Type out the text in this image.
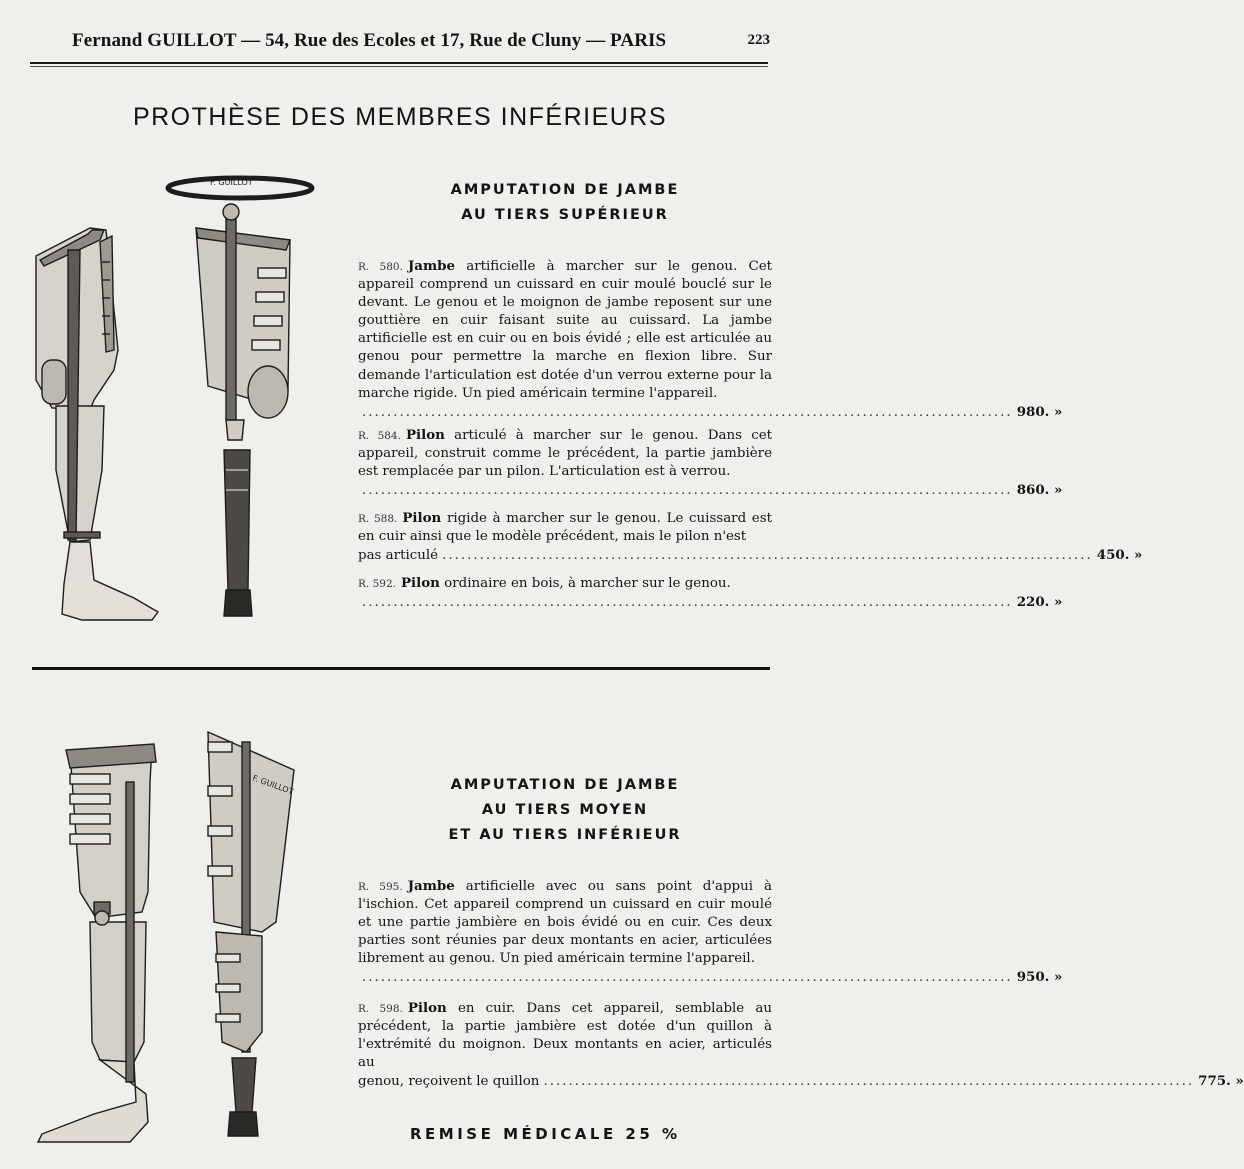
Fernand GUILLOT — 54, Rue des Ecoles et 17, Rue de Cluny — PARIS	223
PROTHÈSE DES MEMBRES INFÉRIEURS
F. GUILLOT	AMPUTATION DE JAMBE
AU TIERS SUPÉRIEUR
R. 580. Jambe artificielle à marcher sur le genou. Cet appareil comprend un cuissard en cuir moulé bouclé sur le devant. Le genou et le moignon de jambe reposent sur une gouttière en cuir faisant suite au cuissard. La jambe artificielle est en cuir ou en bois évidé ; elle est articulée au genou pour permettre la marche en flexion libre. Sur demande l'articulation est dotée d'un verrou externe pour la marche rigide. Un pied américain termine l'appareil.
........................................................................................................ 980. »
R. 584. Pilon articulé à marcher sur le genou. Dans cet appareil, construit comme le précédent, la partie jambière est remplacée par un pilon. L'articulation est à verrou.
........................................................................................................ 860. »
R. 588. Pilon rigide à marcher sur le genou. Le cuissard est en cuir ainsi que le modèle précédent, mais le pilon n'est
pas articulé ........................................................................................................ 450. »
R. 592. Pilon ordinaire en bois, à marcher sur le genou.
........................................................................................................ 220. »
F. GUILLOT	AMPUTATION DE JAMBE
AU TIERS MOYEN
ET AU TIERS INFÉRIEUR
R. 595. Jambe artificielle avec ou sans point d'appui à l'ischion. Cet appareil comprend un cuissard en cuir moulé et une partie jambière en bois évidé ou en cuir. Ces deux parties sont réunies par deux montants en acier, articulées librement au genou. Un pied américain termine l'appareil.
........................................................................................................ 950. »
R. 598. Pilon en cuir. Dans cet appareil, semblable au précédent, la partie jambière est dotée d'un quillon à l'extrémité du moignon. Deux montants en acier, articulés au
genou, reçoivent le quillon ........................................................................................................ 775. »
REMISE MÉDICALE 25 %
